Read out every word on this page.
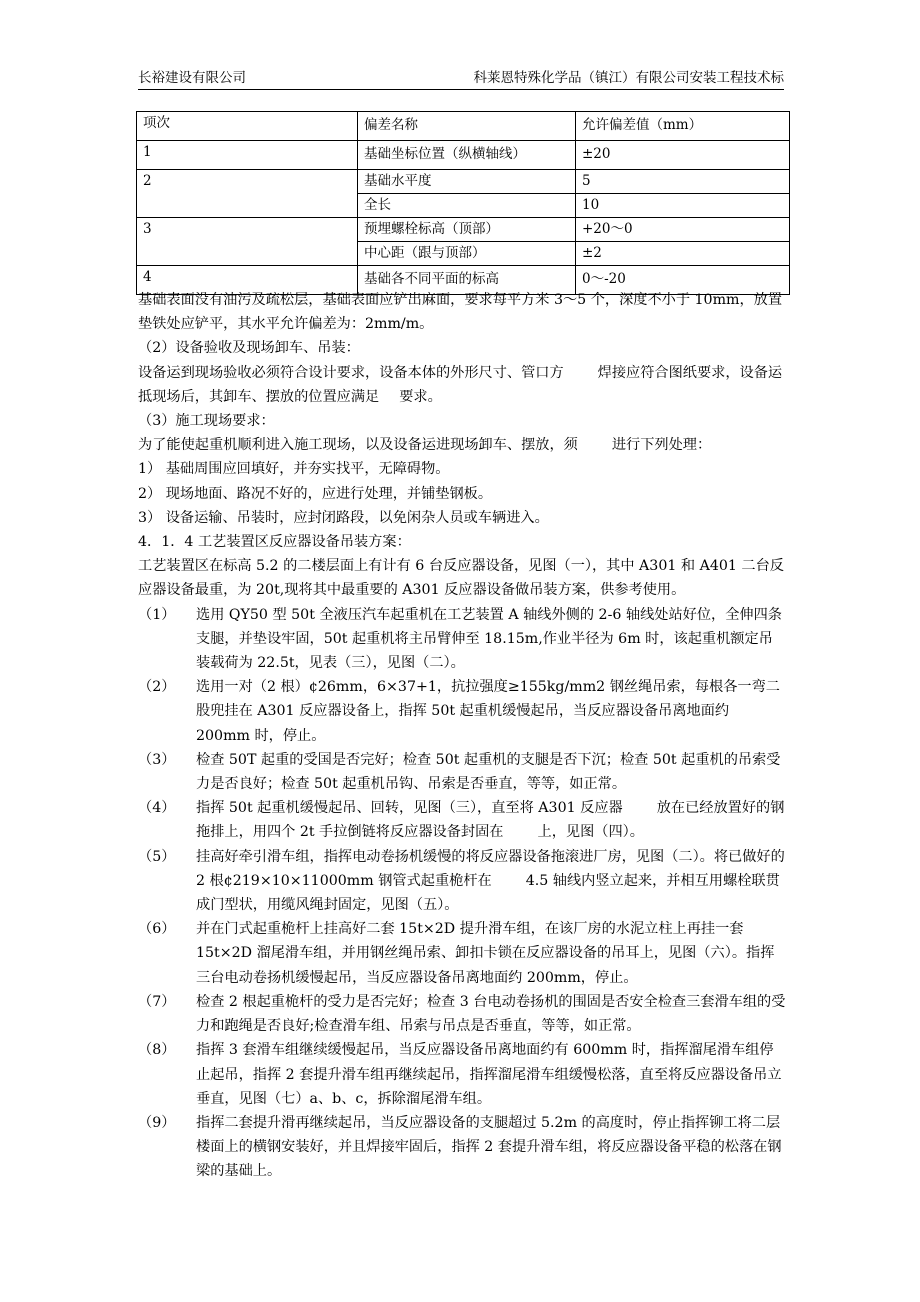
长裕建设有限公司	科莱恩特殊化学品（镇江）有限公司安装工程技术标
项次	偏差名称	允许偏差值（mm）
1	基础坐标位置（纵横轴线）	±20
2	基础水平度	5
	全长	10
3	预埋螺栓标高（顶部）	+20～0
	中心距（跟与顶部）	±2
4	基础各不同平面的标高	0～-20

基础表面没有油污及疏松层，基础表面应铲出麻面，要求每平方米 3～5 个，深度不小于 10mm，放置垫铁处应铲平，其水平允许偏差为：2mm/m。

（2）设备验收及现场卸车、吊装：

设备运到现场验收必须符合设计要求，设备本体的外形尺寸、管口方 焊接应符合图纸要求，设备运抵现场后，其卸车、摆放的位置应满足 要求。

（3）施工现场要求：

为了能使起重机顺利进入施工现场，以及设备运进现场卸车、摆放，须 进行下列处理：

1） 基础周围应回填好，并夯实找平，无障碍物。

2） 现场地面、路况不好的，应进行处理，并铺垫钢板。

3） 设备运输、吊装时，应封闭路段，以免闲杂人员或车辆进入。

4．1．4 工艺装置区反应器设备吊装方案：

工艺装置区在标高 5.2 的二楼层面上有计有 6 台反应器设备，见图（一），其中 A301 和 A401 二台反应器设备最重，为 20t,现将其中最重要的 A301 反应器设备做吊装方案，供参考使用。

（1）	选用 QY50 型 50t 全液压汽车起重机在工艺装置 A 轴线外侧的 2-6 轴线处站好位，全伸四条支腿，并垫设牢固，50t 起重机将主吊臂伸至 18.15m,作业半径为 6m 时，该起重机额定吊装载荷为 22.5t，见表（三），见图（二）。
（2）	选用一对（2 根）¢26mm，6×37+1，抗拉强度≥155kg/mm2 钢丝绳吊索，每根各一弯二股兜挂在 A301 反应器设备上，指挥 50t 起重机缓慢起吊，当反应器设备吊离地面约 200mm 时，停止。
（3）	检查 50T 起重的受国是否完好；检查 50t 起重机的支腿是否下沉；检查 50t 起重机的吊索受力是否良好；检查 50t 起重机吊钩、吊索是否垂直，等等，如正常。
（4）	指挥 50t 起重机缓慢起吊、回转，见图（三），直至将 A301 反应器 放在已经放置好的钢拖排上，用四个 2t 手拉倒链将反应器设备封固在 上，见图（四）。
（5）	挂高好牵引滑车组，指挥电动卷扬机缓慢的将反应器设备拖滚进厂房，见图（二）。将已做好的 2 根¢219×10×11000mm 钢管式起重桅杆在 4.5 轴线内竖立起来，并相互用螺栓联贯成门型状，用缆风绳封固定，见图（五）。
（6）	并在门式起重桅杆上挂高好二套 15t×2D 提升滑车组，在该厂房的水泥立柱上再挂一套 15t×2D 溜尾滑车组，并用钢丝绳吊索、卸扣卡锁在反应器设备的吊耳上，见图（六）。指挥三台电动卷扬机缓慢起吊，当反应器设备吊离地面约 200mm，停止。
（7）	检查 2 根起重桅杆的受力是否完好；检查 3 台电动卷扬机的围固是否安全检查三套滑车组的受力和跑绳是否良好;检查滑车组、吊索与吊点是否垂直，等等，如正常。
（8）	指挥 3 套滑车组继续缓慢起吊，当反应器设备吊离地面约有 600mm 时，指挥溜尾滑车组停止起吊，指挥 2 套提升滑车组再继续起吊，指挥溜尾滑车组缓慢松落，直至将反应器设备吊立垂直，见图（七）a、b、c，拆除溜尾滑车组。
（9）	指挥二套提升滑再继续起吊，当反应器设备的支腿超过 5.2m 的高度时，停止指挥铆工将二层楼面上的横钢安装好，并且焊接牢固后，指挥 2 套提升滑车组，将反应器设备平稳的松落在钢梁的基础上。
